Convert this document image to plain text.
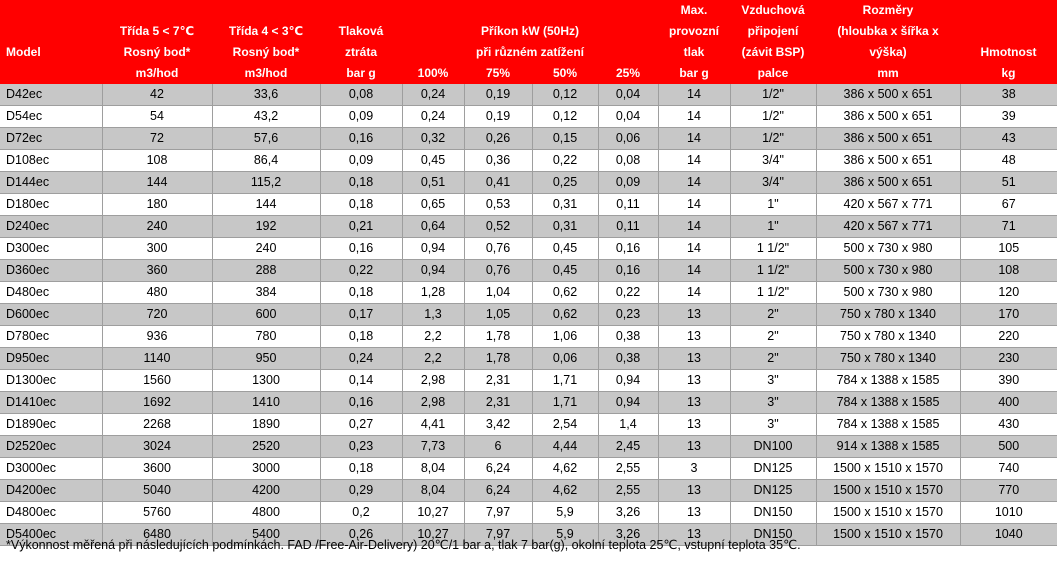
								Max.	Vzduchová	Rozměry	
	Třída 5 < 7℃	Třída 4 < 3℃	Tlaková	Příkon kW (50Hz)				provozní	připojení	(hloubka x šířka x	
Model	Rosný bod*	Rosný bod*	ztráta	při různém zatížení				tlak	(závit BSP)	výška)	Hmotnost
	m3/hod	m3/hod	bar g	100%	75%	50%	25%	bar g	palce	mm	kg
D42ec	42	33,6	0,08	0,24	0,19	0,12	0,04	14	1/2"	386 x 500 x 651	38
D54ec	54	43,2	0,09	0,24	0,19	0,12	0,04	14	1/2"	386 x 500 x 651	39
D72ec	72	57,6	0,16	0,32	0,26	0,15	0,06	14	1/2"	386 x 500 x 651	43
D108ec	108	86,4	0,09	0,45	0,36	0,22	0,08	14	3/4"	386 x 500 x 651	48
D144ec	144	115,2	0,18	0,51	0,41	0,25	0,09	14	3/4"	386 x 500 x 651	51
D180ec	180	144	0,18	0,65	0,53	0,31	0,11	14	1"	420 x 567 x 771	67
D240ec	240	192	0,21	0,64	0,52	0,31	0,11	14	1"	420 x 567 x 771	71
D300ec	300	240	0,16	0,94	0,76	0,45	0,16	14	1 1/2"	500 x 730 x 980	105
D360ec	360	288	0,22	0,94	0,76	0,45	0,16	14	1 1/2"	500 x 730 x 980	108
D480ec	480	384	0,18	1,28	1,04	0,62	0,22	14	1 1/2"	500 x 730 x 980	120
D600ec	720	600	0,17	1,3	1,05	0,62	0,23	13	2"	750 x 780 x 1340	170
D780ec	936	780	0,18	2,2	1,78	1,06	0,38	13	2"	750 x 780 x 1340	220
D950ec	1140	950	0,24	2,2	1,78	0,06	0,38	13	2"	750 x 780 x 1340	230
D1300ec	1560	1300	0,14	2,98	2,31	1,71	0,94	13	3"	784 x 1388 x 1585	390
D1410ec	1692	1410	0,16	2,98	2,31	1,71	0,94	13	3"	784 x 1388 x 1585	400
D1890ec	2268	1890	0,27	4,41	3,42	2,54	1,4	13	3"	784 x 1388 x 1585	430
D2520ec	3024	2520	0,23	7,73	6	4,44	2,45	13	DN100	914 x 1388 x 1585	500
D3000ec	3600	3000	0,18	8,04	6,24	4,62	2,55	3	DN125	1500 x 1510 x 1570	740
D4200ec	5040	4200	0,29	8,04	6,24	4,62	2,55	13	DN125	1500 x 1510 x 1570	770
D4800ec	5760	4800	0,2	10,27	7,97	5,9	3,26	13	DN150	1500 x 1510 x 1570	1010
D5400ec	6480	5400	0,26	10,27	7,97	5,9	3,26	13	DN150	1500 x 1510 x 1570	1040
*Výkonnost měřená při následujících podmínkách. FAD /Free-Air-Delivery) 20℃/1 bar a, tlak 7 bar(g), okolní teplota 25℃, vstupní teplota 35℃.
